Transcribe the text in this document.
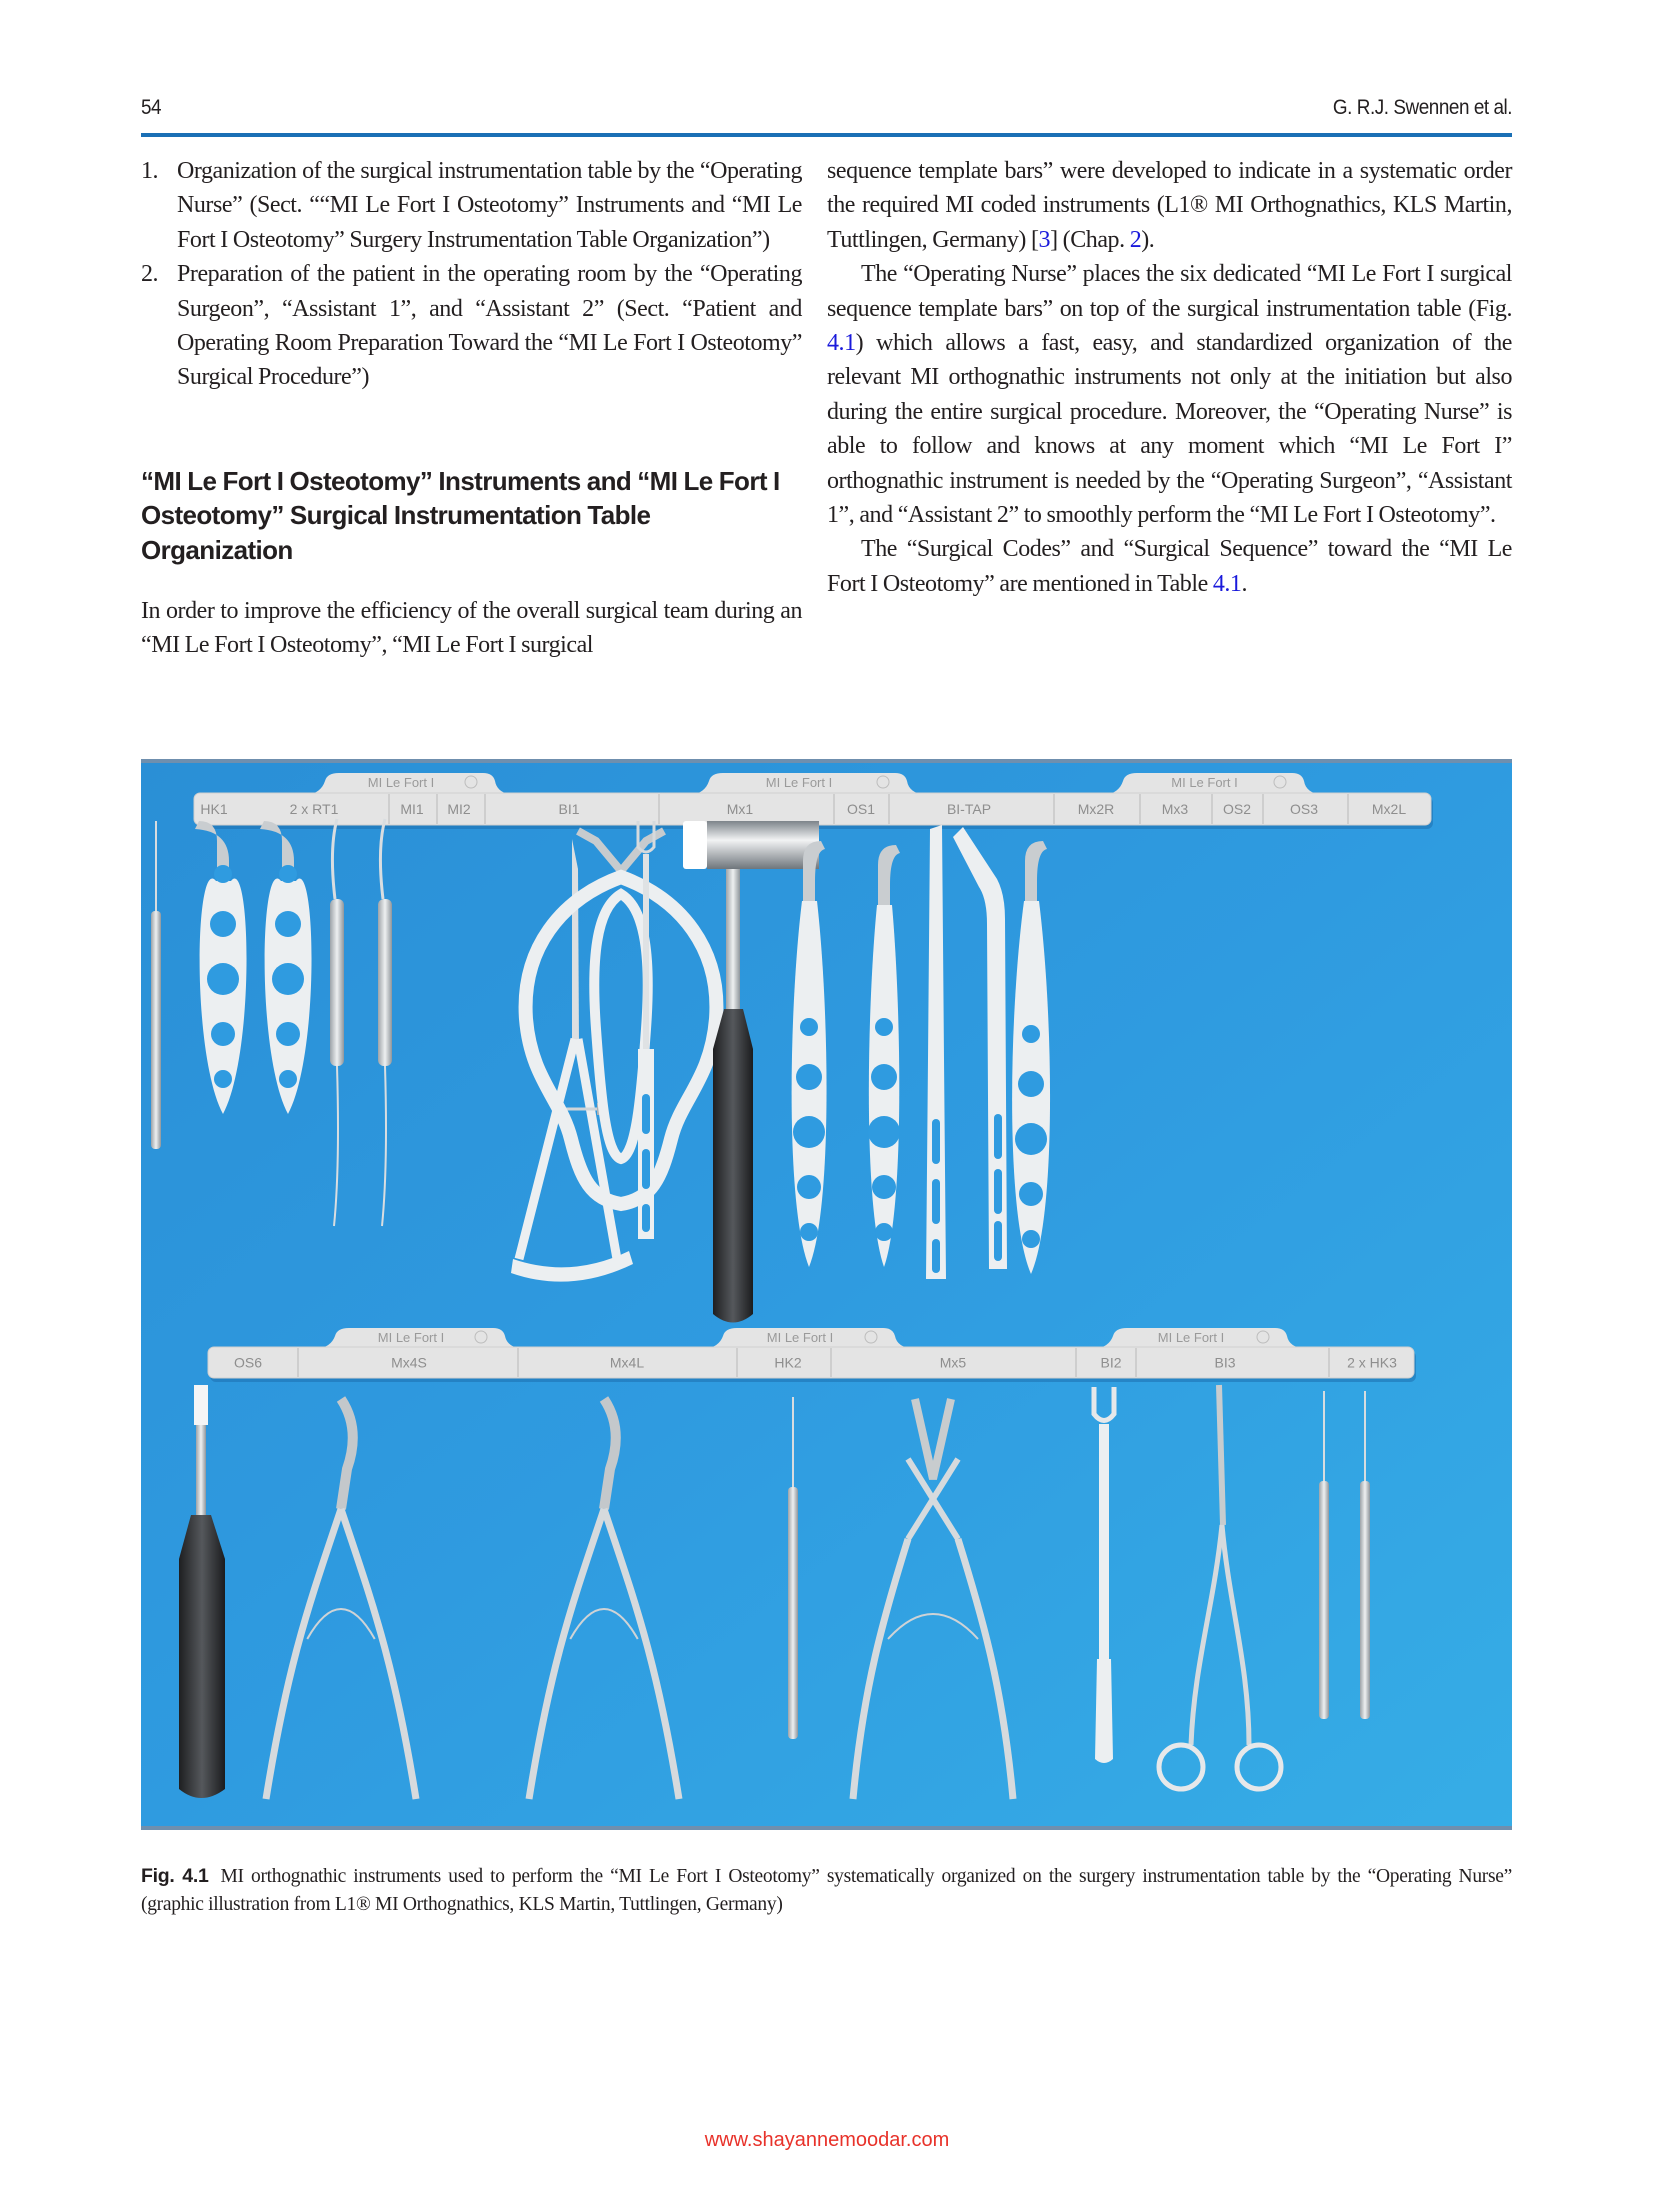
54	G. R.J. Swennen et al.
1. Organization of the surgical instrumentation table by the “Operating Nurse” (Sect. ““MI Le Fort I Osteotomy” Instruments and “MI Le Fort I Osteotomy” Surgery Instrumentation Table Organization”)
2. Preparation of the patient in the operating room by the “Operating Surgeon”, “Assistant 1”, and “Assistant 2” (Sect. “Patient and Operating Room Preparation Toward the “MI Le Fort I Osteotomy” Surgical Procedure”)
“MI Le Fort I Osteotomy” Instruments and “MI Le Fort I Osteotomy” Surgical Instrumentation Table Organization
In order to improve the efficiency of the overall surgical team during an “MI Le Fort I Osteotomy”, “MI Le Fort I surgical
sequence template bars” were developed to indicate in a systematic order the required MI coded instruments (L1® MI Orthognathics, KLS Martin, Tuttlingen, Germany) [3] (Chap. 2).
The “Operating Nurse” places the six dedicated “MI Le Fort I surgical sequence template bars” on top of the surgical instrumentation table (Fig. 4.1) which allows a fast, easy, and standardized organization of the relevant MI orthognathic instruments not only at the initiation but also during the entire surgical procedure. Moreover, the “Operating Nurse” is able to follow and knows at any moment which “MI Le Fort I” orthognathic instrument is needed by the “Operating Surgeon”, “Assistant 1”, and “Assistant 2” to smoothly perform the “MI Le Fort I Osteotomy”.
The “Surgical Codes” and “Surgical Sequence” toward the “MI Le Fort I Osteotomy” are mentioned in Table 4.1.
MI Le Fort I	MI Le Fort I	MI Le Fort I
HK1	2 x RT1	MI1 MI2	BI1	Mx1	OS1	BI-TAP	Mx2R	Mx3 OS2	OS3	Mx2L
MI Le Fort I	MI Le Fort I	MI Le Fort I
OS6	Mx4S	Mx4L	HK2	Mx5	BI2	BI3	2 x HK3
Fig. 4.1 MI orthognathic instruments used to perform the “MI Le Fort I Osteotomy” systematically organized on the surgery instrumentation table by the “Operating Nurse” (graphic illustration from L1® MI Orthognathics, KLS Martin, Tuttlingen, Germany)
www.shayannemoodar.com
